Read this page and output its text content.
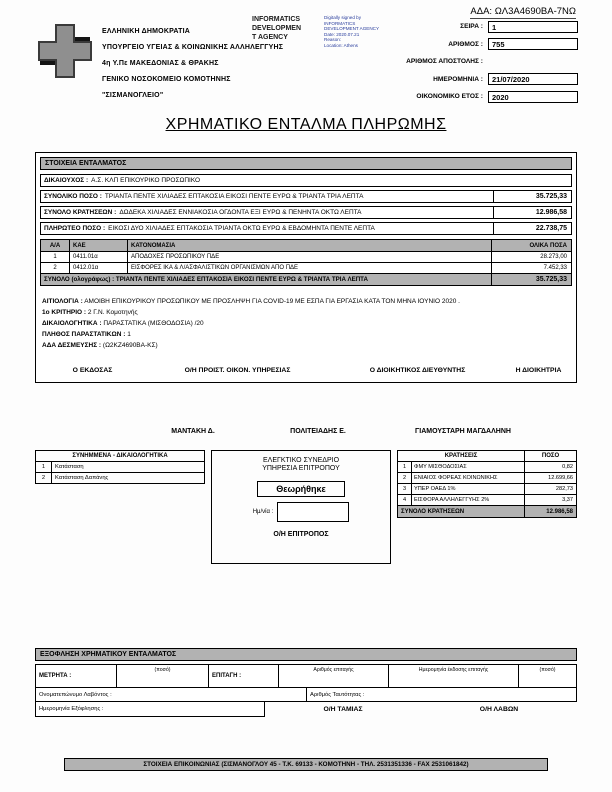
ΑΔΑ: ΩΛ3Α4690ΒΑ-7ΝΩ
ΕΛΛΗΝΙΚΗ ΔΗΜΟΚΡΑΤΙΑ
ΥΠΟΥΡΓΕΙΟ ΥΓΕΙΑΣ & ΚΟΙΝΩΝΙΚΗΣ ΑΛΛΗΛΕΓΓΥΗΣ
4η Υ.Πε ΜΑΚΕΔΟΝΙΑΣ & ΘΡΑΚΗΣ
ΓΕΝΙΚΟ ΝΟΣΟΚΟΜΕΙΟ ΚΟΜΟΤΗΝΗΣ
"ΣΙΣΜΑΝΟΓΛΕΙΟ"
INFORMATICS
DEVELOPMEN
T AGENCY
Digitally signed by
INFORMATICS
DEVELOPMENT AGENCY
Date: 2020.07.21
Reason:
Location: Athens
ΣΕΙΡΑ :	1
ΑΡΙΘΜΟΣ :	755
ΑΡΙΘΜΟΣ ΑΠΟΣΤΟΛΗΣ :
ΗΜΕΡΟΜΗΝΙΑ :	21/07/2020
ΟΙΚΟΝΟΜΙΚΟ ΕΤΟΣ :	2020
ΧΡΗΜΑΤΙΚΟ ΕΝΤΑΛΜΑ ΠΛΗΡΩΜΗΣ
ΣΤΟΙΧΕΙΑ ΕΝΤΑΛΜΑΤΟΣ
ΔΙΚΑΙΟΥΧΟΣ : Α.Σ. ΚΛΠ ΕΠΙΚΟΥΡΙΚΟ ΠΡΟΣΩΠΙΚΟ
ΣΥΝΟΛΙΚΟ ΠΟΣΟ : ΤΡΙΑΝΤΑ ΠΕΝΤΕ ΧΙΛΙΑΔΕΣ ΕΠΤΑΚΟΣΙΑ ΕΙΚΟΣΙ ΠΕΝΤΕ ΕΥΡΩ & ΤΡΙΑΝΤΑ ΤΡΙΑ ΛΕΠΤΑ	35.725,33
ΣΥΝΟΛΟ ΚΡΑΤΗΣΕΩΝ : ΔΩΔΕΚΑ ΧΙΛΙΑΔΕΣ ΕΝΝΙΑΚΟΣΙΑ ΟΓΔΟΝΤΑ ΕΞΙ ΕΥΡΩ & ΠΕΝΗΝΤΑ ΟΚΤΩ ΛΕΠΤΑ	12.986,58
ΠΛΗΡΩΤΕΟ ΠΟΣΟ : ΕΙΚΟΣΙ ΔΥΟ ΧΙΛΙΑΔΕΣ ΕΠΤΑΚΟΣΙΑ ΤΡΙΑΝΤΑ ΟΚΤΩ ΕΥΡΩ & ΕΒΔΟΜΗΝΤΑ ΠΕΝΤΕ ΛΕΠΤΑ	22.738,75
Α/Α	ΚΑΕ	ΚΑΤΟΝΟΜΑΣΙΑ	ΟΛΙΚΑ ΠΟΣΑ
1	0411.01α	ΑΠΟΔΟΧΕΣ ΠΡΟΣΩΠΙΚΟΥ ΠΔΕ	28.273,00
2	0412.01α	ΕΙΣΦΟΡΕΣ ΙΚΑ & Λ/ΑΣΦΑΛΙΣΤΙΚΩΝ ΟΡΓΑΝΙΣΜΩΝ ΑΠΟ ΠΔΕ	7.452,33
ΣΥΝΟΛΟ (ολογράφως) : ΤΡΙΑΝΤΑ ΠΕΝΤΕ ΧΙΛΙΑΔΕΣ ΕΠΤΑΚΟΣΙΑ ΕΙΚΟΣΙ ΠΕΝΤΕ ΕΥΡΩ & ΤΡΙΑΝΤΑ ΤΡΙΑ ΛΕΠΤΑ	35.725,33
ΑΙΤΙΟΛΟΓΙΑ : ΑΜΟΙΒΗ ΕΠΙΚΟΥΡΙΚΟΥ ΠΡΟΣΩΠΙΚΟΥ ΜΕ ΠΡΟΣΛΗΨΗ ΓΙΑ COVID-19 ΜΕ ΕΣΠΑ ΓΙΑ ΕΡΓΑΣΙΑ ΚΑΤΑ ΤΟΝ ΜΗΝΑ ΙΟΥΝΙΟ 2020 .
1ο ΚΡΙΤΗΡΙΟ : 2 Γ.Ν. Κομοτηνής
ΔΙΚΑΙΟΛΟΓΗΤΙΚΑ : ΠΑΡΑΣΤΑΤΙΚΑ (ΜΙΣΘΟΔΟΣΙΑ) /20
ΠΛΗΘΟΣ ΠΑΡΑΣΤΑΤΙΚΩΝ : 1
ΑΔΑ ΔΕΣΜΕΥΣΗΣ : (Ω2ΚΖ4690ΒΑ-ΚΣ)
Ο ΕΚΔΟΣΑΣ	Ο/Η ΠΡΟΙΣΤ. ΟΙΚΟΝ. ΥΠΗΡΕΣΙΑΣ	Ο ΔΙΟΙΚΗΤΙΚΟΣ ΔΙΕΥΘΥΝΤΗΣ	Η ΔΙΟΙΚΗΤΡΙΑ
ΜΑΝΤΑΚΗ Δ.	ΠΟΛΙΤΕΙΑΔΗΣ Ε.	ΓΙΑΜΟΥΣΤΑΡΗ ΜΑΓΔΑΛΗΝΗ
ΣΥΝΗΜΜΕΝΑ - ΔΙΚΑΙΟΛΟΓΗΤΙΚΑ
1	Κατάσταση
2	Κατάσταση Δαπάνης
ΕΛΕΓΚΤΙΚΟ ΣΥΝΕΔΡΙΟ
ΥΠΗΡΕΣΙΑ ΕΠΙΤΡΟΠΟΥ
Θεωρήθηκε
Ημ/νία :
Ο/Η ΕΠΙΤΡΟΠΟΣ
ΚΡΑΤΗΣΕΙΣ	ΠΟΣΟ
1	ΦΜΥ ΜΙΣΘΟΔΟΣΙΑΣ	0,82
2	ΕΝΙΑΙΟΣ ΦΟΡΕΑΣ ΚΟΙΝΩΝΙΚΗΣ	12.699,66
3	ΥΠΕΡ ΟΑΕΔ 1%	282,73
4	ΕΙΣΦΟΡΑ ΑΛΛΗΛΕΓΓΥΗΣ 2%	3,37
ΣΥΝΟΛΟ ΚΡΑΤΗΣΕΩΝ	12.986,58
ΕΞΟΦΛΗΣΗ ΧΡΗΜΑΤΙΚΟΥ ΕΝΤΑΛΜΑΤΟΣ
ΜΕΤΡΗΤΑ :
(ποσό)
ΕΠΙΤΑΓΗ :
Αριθμός επιταγής	Ημερομηνία έκδοσης επιταγής	(ποσό)
Ονοματεπώνυμο Λαβόντος :	Αριθμός Ταυτότητας :
Ημερομηνία Εξόφλησης :	Ο/Η ΤΑΜΙΑΣ	Ο/Η ΛΑΒΩΝ
ΣΤΟΙΧΕΙΑ ΕΠΙΚΟΙΝΩΝΙΑΣ (ΣΙΣΜΑΝΟΓΛΟΥ 45 - Τ.Κ. 69133 - ΚΟΜΟΤΗΝΗ - ΤΗΛ. 2531351336 - FAX 2531061842)
